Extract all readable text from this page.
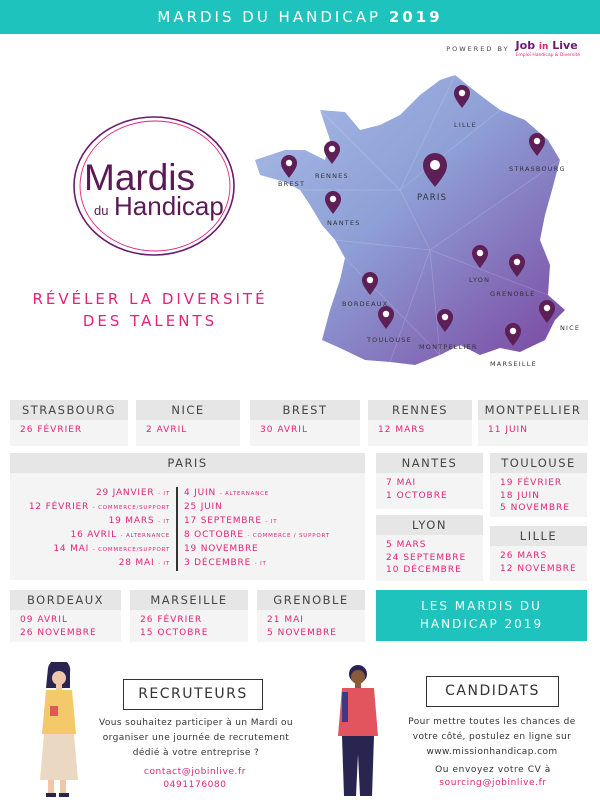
MARDIS DU HANDICAP 2019
POWERED BY Job in Live
Emploi Handicap & Diversité
Mardis
du Handicap
RÉVÉLER LA DIVERSITÉ
DES TALENTS
LILLE
STRASBOURG
RENNES
BREST
PARIS
NANTES
LYON
GRENOBLE
BORDEAUX
NICE
TOULOUSE
MONTPELLIER
MARSEILLE
STRASBOURG
26 FÉVRIER
NICE
2 AVRIL
BREST
30 AVRIL
RENNES
12 MARS
MONTPELLIER
11 JUIN
PARIS
29 JANVIER - IT
12 FÉVRIER - COMMERCE/SUPPORT
19 MARS - IT
16 AVRIL - ALTERNANCE
14 MAI - COMMERCE/SUPPORT
28 MAI - IT
4 JUIN - ALTERNANCE
25 JUIN
17 SEPTEMBRE - IT
8 OCTOBRE - COMMERCE / SUPPORT
19 NOVEMBRE
3 DÉCEMBRE - IT
NANTES
7 MAI
1 OCTOBRE
TOULOUSE
19 FÉVRIER
18 JUIN
5 NOVEMBRE
LYON
5 MARS
24 SEPTEMBRE
10 DÉCEMBRE
LILLE
26 MARS
12 NOVEMBRE
BORDEAUX
09 AVRIL
26 NOVEMBRE
MARSEILLE
26 FÉVRIER
15 OCTOBRE
GRENOBLE
21 MAI
5 NOVEMBRE
LES MARDIS DU
HANDICAP 2019
RECRUTEURS
Vous souhaitez participer à un Mardi ou
organiser une journée de recrutement
dédié à votre entreprise ?
contact@jobinlive.fr
0491176080
CANDIDATS
Pour mettre toutes les chances de
votre côté, postulez en ligne sur
www.missionhandicap.com
Ou envoyez votre CV à
sourcing@jobinlive.fr
